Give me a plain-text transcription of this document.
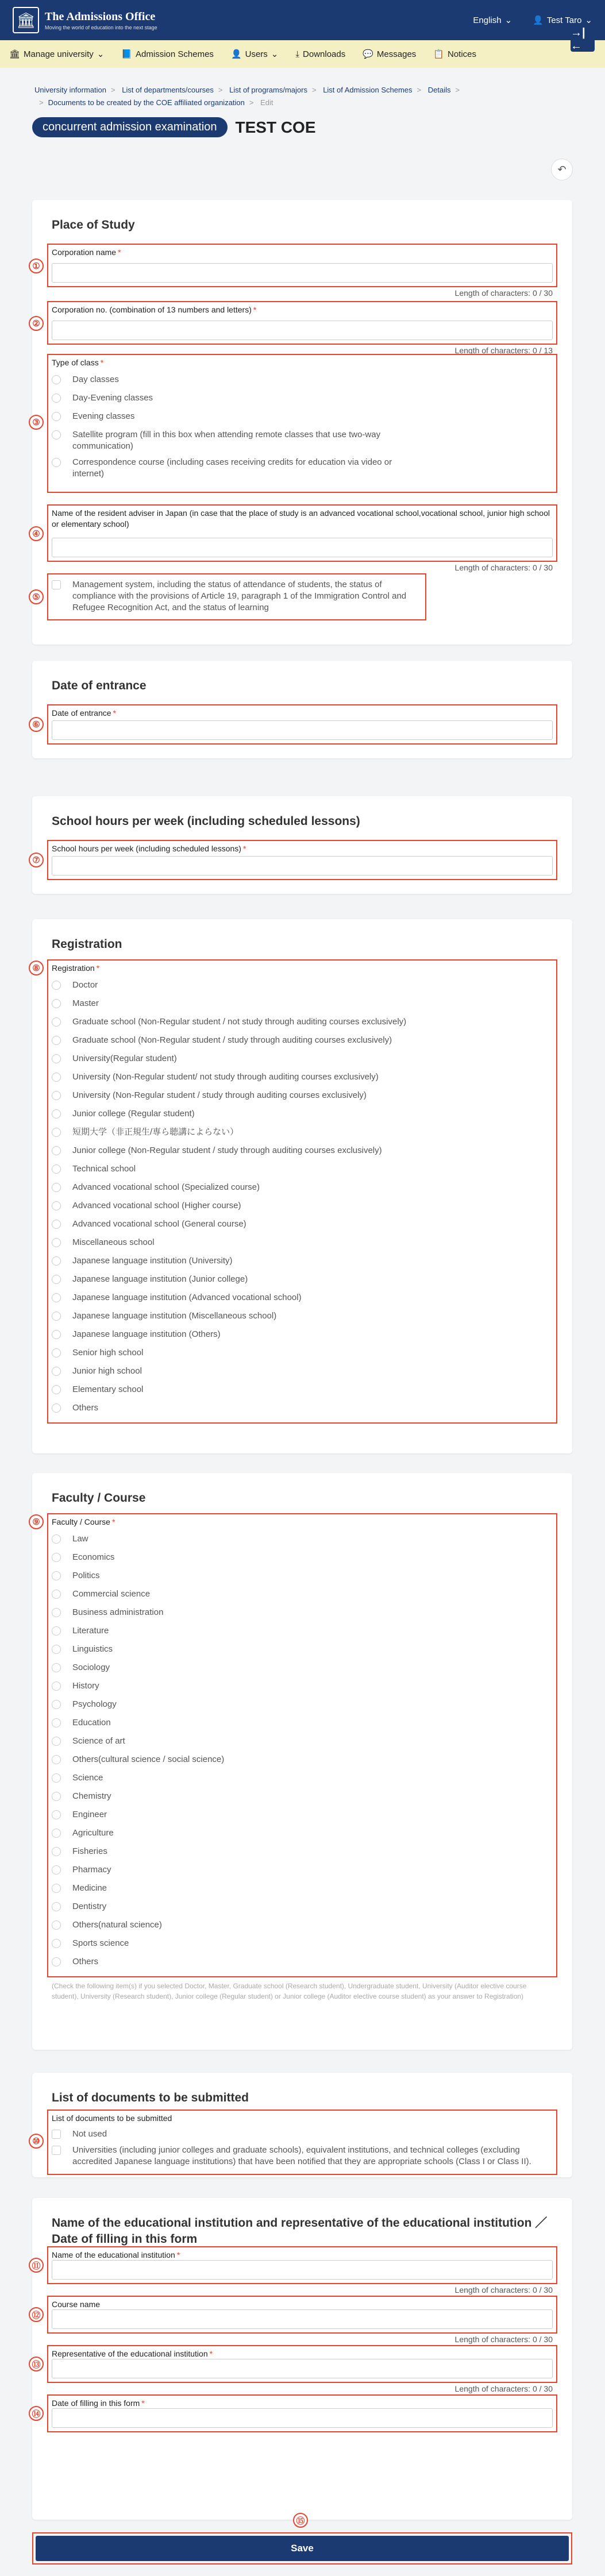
🏛 The Admissions Office
Moving the world of education into the next stage
English ⌄ 👤 Test Taro ⌄
🏛 Manage university ⌄ 📘 Admission Schemes 👤 Users ⌄ ⤓ Downloads 💬 Messages 📋 Notices
→|←
University information > List of departments/courses > List of programs/majors > List of Admission Schemes > Details >
> Documents to be created by the COE affiliated organization > Edit
concurrent admission examination	TEST COE
↶
Place of Study
①
Corporation name *
Length of characters: 0 / 30
②
Corporation no. (combination of 13 numbers and letters) *
Length of characters: 0 / 13
③
Type of class *
Day classes
Day-Evening classes
Evening classes
Satellite program (fill in this box when attending remote classes that use two-way communication)
Correspondence course (including cases receiving credits for education via video or internet)
④
Name of the resident adviser in Japan (in case that the place of study is an advanced vocational school,vocational school, junior high school or elementary school)
Length of characters: 0 / 30
⑤
Management system, including the status of attendance of students, the status of compliance with the provisions of Article 19, paragraph 1 of the Immigration Control and Refugee Recognition Act, and the status of learning
Date of entrance
⑥
Date of entrance *
School hours per week (including scheduled lessons)
⑦
School hours per week (including scheduled lessons) *
Registration
⑧	Registration *
Doctor
Master
Graduate school (Non-Regular student / not study through auditing courses exclusively)
Graduate school (Non-Regular student / study through auditing courses exclusively)
University(Regular student)
University (Non-Regular student/ not study through auditing courses exclusively)
University (Non-Regular student / study through auditing courses exclusively)
Junior college (Regular student)
短期大学（非正規生/専ら聴講によらない）
Junior college (Non-Regular student / study through auditing courses exclusively)
Technical school
Advanced vocational school (Specialized course)
Advanced vocational school (Higher course)
Advanced vocational school (General course)
Miscellaneous school
Japanese language institution (University)
Japanese language institution (Junior college)
Japanese language institution (Advanced vocational school)
Japanese language institution (Miscellaneous school)
Japanese language institution (Others)
Senior high school
Junior high school
Elementary school
Others
Faculty / Course
⑨	Faculty / Course *
Law
Economics
Politics
Commercial science
Business administration
Literature
Linguistics
Sociology
History
Psychology
Education
Science of art
Others(cultural science / social science)
Science
Chemistry
Engineer
Agriculture
Fisheries
Pharmacy
Medicine
Dentistry
Others(natural science)
Sports science
Others
(Check the following item(s) if you selected Doctor, Master, Graduate school (Research student), Undergraduate student, University (Auditor elective course student), University (Research student), Junior college (Regular student) or Junior college (Auditor elective course student) as your answer to Registration)
List of documents to be submitted
⑩
List of documents to be submitted
Not used
Universities (including junior colleges and graduate schools), equivalent institutions, and technical colleges (excluding accredited Japanese language institutions) that have been notified that they are appropriate schools (Class I or Class II).
Name of the educational institution and representative of the educational institution ／Date of filling in this form
⑪
Name of the educational institution *
Length of characters: 0 / 30
⑫
Course name
Length of characters: 0 / 30
⑬
Representative of the educational institution *
Length of characters: 0 / 30
⑭
Date of filling in this form *
⑮
Save
